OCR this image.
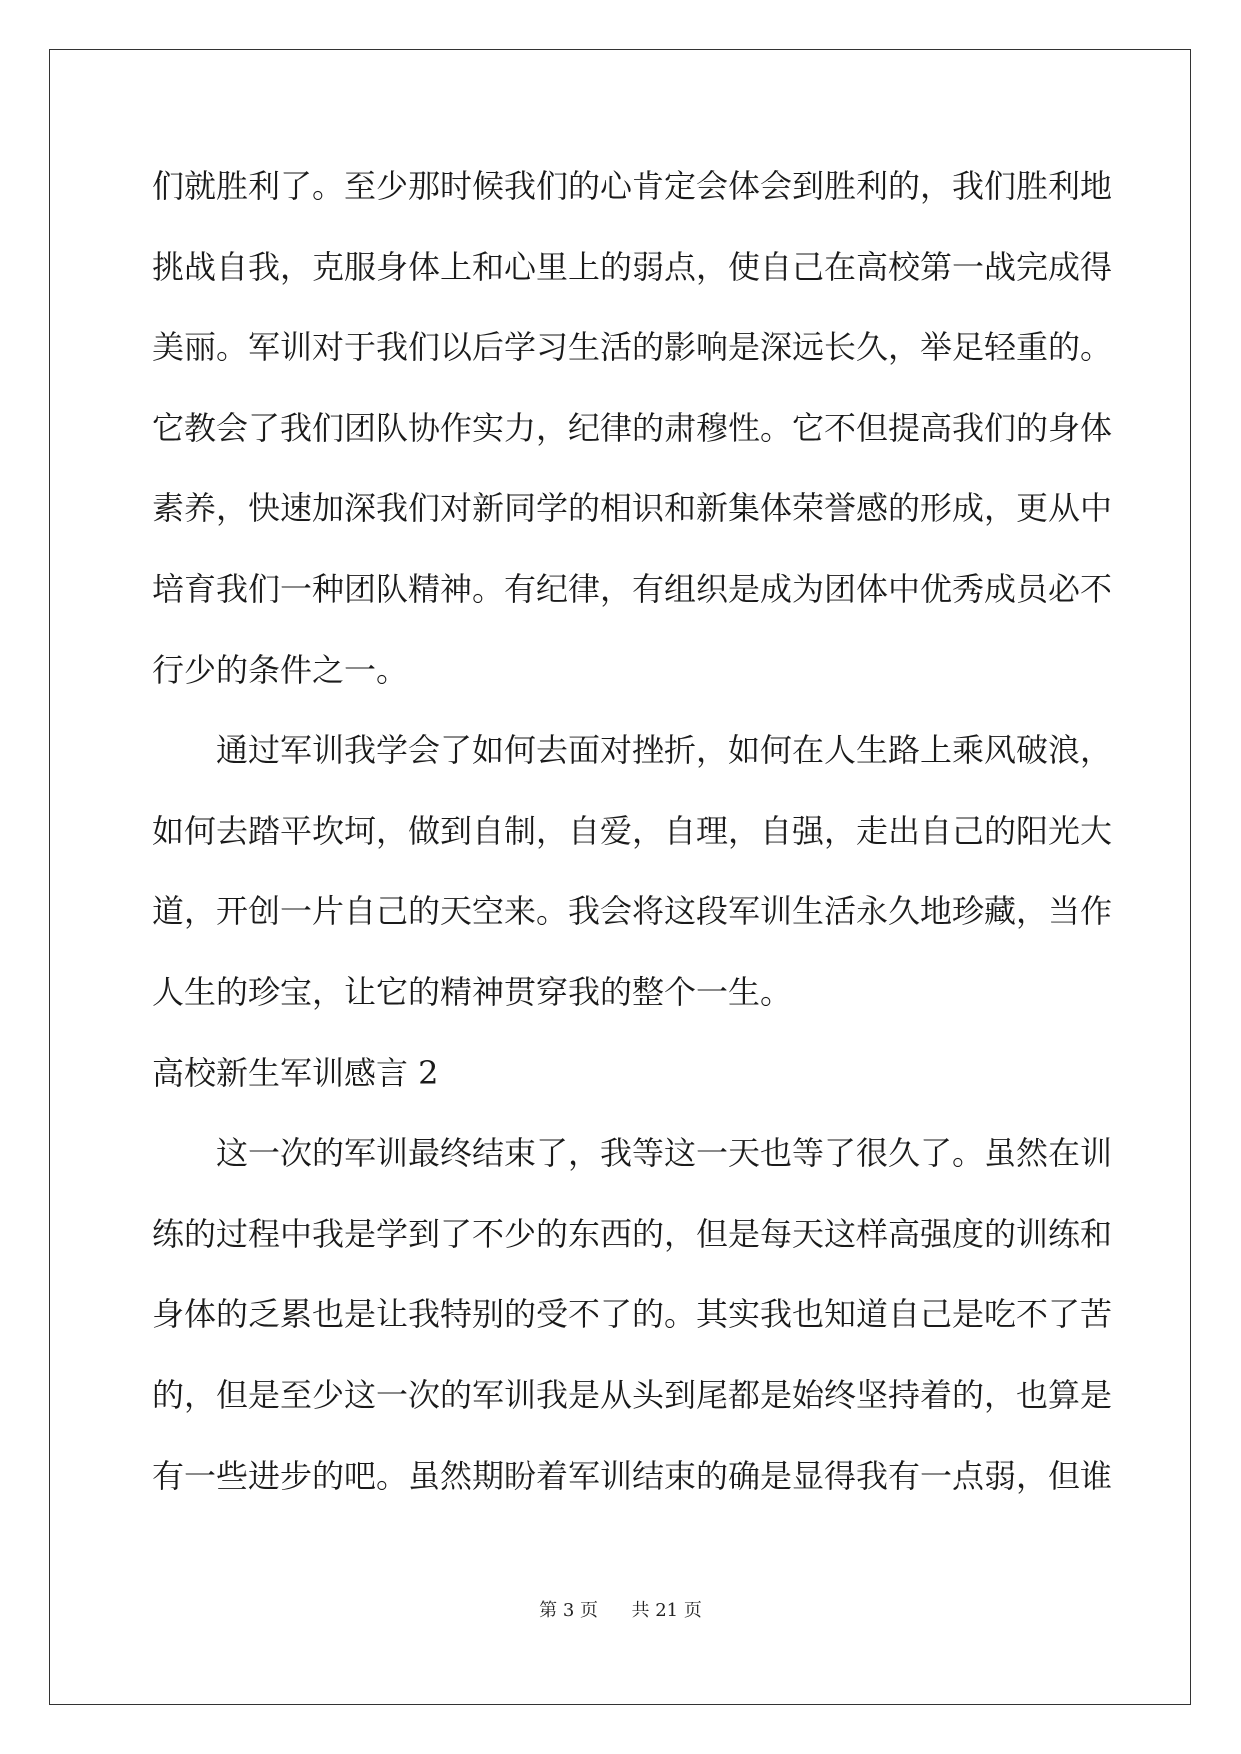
们就胜利了。至少那时候我们的心肯定会体会到胜利的，我们胜利地
挑战自我，克服身体上和心里上的弱点，使自己在高校第一战完成得
美丽。军训对于我们以后学习生活的影响是深远长久，举足轻重的。
它教会了我们团队协作实力，纪律的肃穆性。它不但提高我们的身体
素养，快速加深我们对新同学的相识和新集体荣誉感的形成，更从中
培育我们一种团队精神。有纪律，有组织是成为团体中优秀成员必不
行少的条件之一。
通过军训我学会了如何去面对挫折，如何在人生路上乘风破浪，
如何去踏平坎坷，做到自制，自爱，自理，自强，走出自己的阳光大
道，开创一片自己的天空来。我会将这段军训生活永久地珍藏，当作
人生的珍宝，让它的精神贯穿我的整个一生。
高校新生军训感言 2
这一次的军训最终结束了，我等这一天也等了很久了。虽然在训
练的过程中我是学到了不少的东西的，但是每天这样高强度的训练和
身体的乏累也是让我特别的受不了的。其实我也知道自己是吃不了苦
的，但是至少这一次的军训我是从头到尾都是始终坚持着的，也算是
有一些进步的吧。虽然期盼着军训结束的确是显得我有一点弱，但谁
第 3 页 共 21 页
